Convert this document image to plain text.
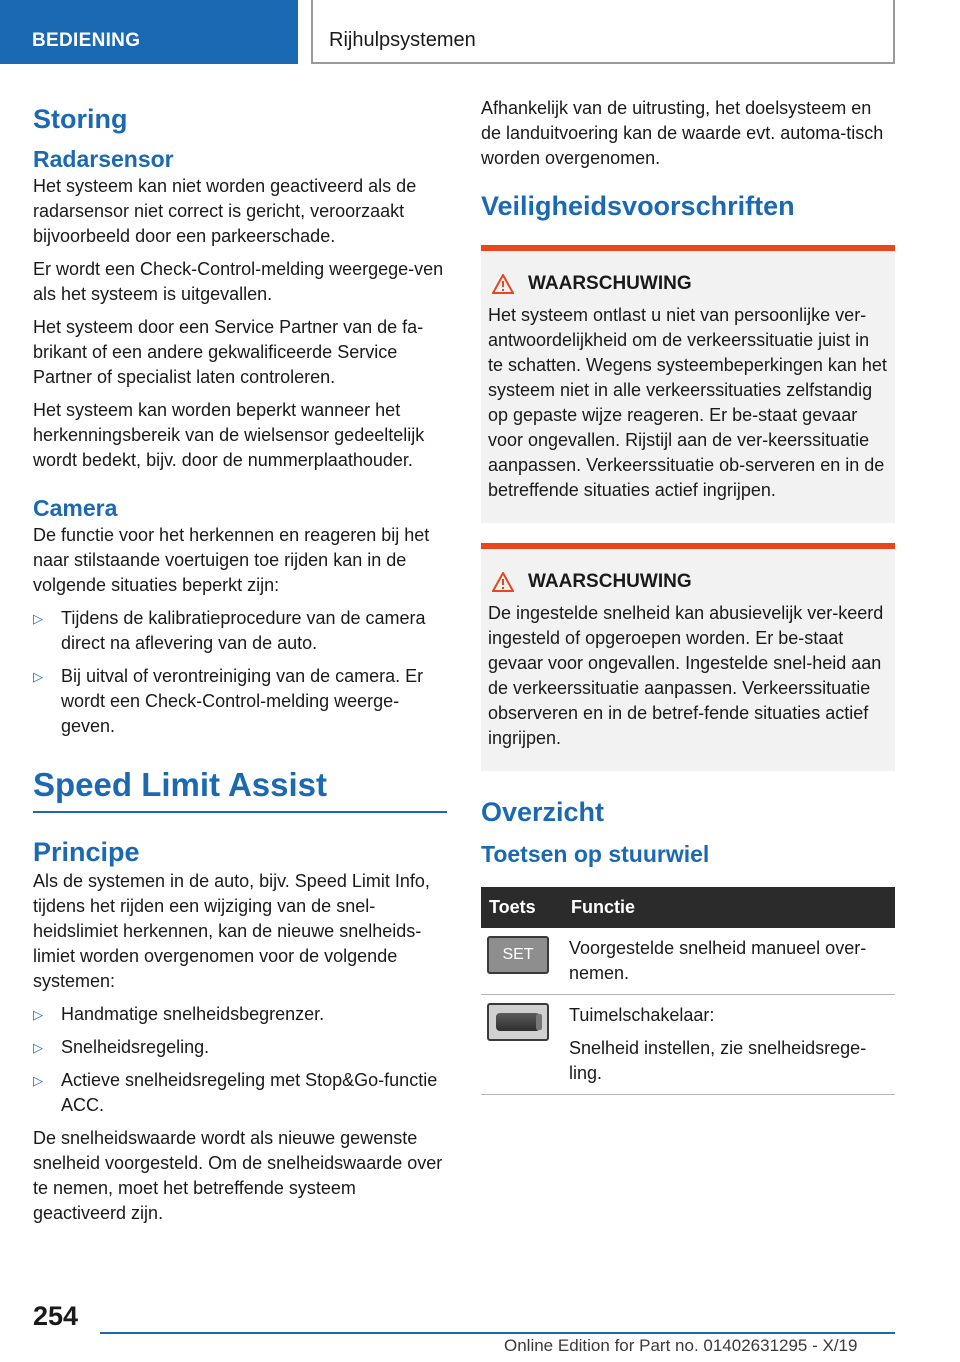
BEDIENING	Rijhulpsystemen
Storing
Radarsensor

Het systeem kan niet worden geactiveerd als de radarsensor niet correct is gericht, veroorzaakt bijvoorbeeld door een parkeerschade.

Er wordt een Check-Control-melding weergege-ven als het systeem is uitgevallen.

Het systeem door een Service Partner van de fa-brikant of een andere gekwalificeerde Service Partner of specialist laten controleren.

Het systeem kan worden beperkt wanneer het herkenningsbereik van de wielsensor gedeeltelijk wordt bedekt, bijv. door de nummerplaathouder.

Camera

De functie voor het herkennen en reageren bij het naar stilstaande voertuigen toe rijden kan in de volgende situaties beperkt zijn:

▷ Tijdens de kalibratieprocedure van de camera direct na aflevering van de auto.
▷ Bij uitval of verontreiniging van de camera. Er wordt een Check-Control-melding weerge-geven.
Speed Limit Assist
Principe

Als de systemen in de auto, bijv. Speed Limit Info, tijdens het rijden een wijziging van de snel-heidslimiet herkennen, kan de nieuwe snelheids-limiet worden overgenomen voor de volgende systemen:

▷ Handmatige snelheidsbegrenzer.
▷ Snelheidsregeling.
▷ Actieve snelheidsregeling met Stop&Go-functie ACC.

De snelheidswaarde wordt als nieuwe gewenste snelheid voorgesteld. Om de snelheidswaarde over te nemen, moet het betreffende systeem geactiveerd zijn.

Afhankelijk van de uitrusting, het doelsysteem en de landuitvoering kan de waarde evt. automa-tisch worden overgenomen.

Veiligheidsvoorschriften
WAARSCHUWING

Het systeem ontlast u niet van persoonlijke ver-antwoordelijkheid om de verkeerssituatie juist in te schatten. Wegens systeembeperkingen kan het systeem niet in alle verkeerssituaties zelfstandig op gepaste wijze reageren. Er be-staat gevaar voor ongevallen. Rijstijl aan de ver-keerssituatie aanpassen. Verkeerssituatie ob-serveren en in de betreffende situaties actief ingrijpen.

WAARSCHUWING

De ingestelde snelheid kan abusievelijk ver-keerd ingesteld of opgeroepen worden. Er be-staat gevaar voor ongevallen. Ingestelde snel-heid aan de verkeerssituatie aanpassen. Verkeerssituatie observeren en in de betref-fende situaties actief ingrijpen.

Overzicht
Toetsen op stuurwiel
Toets	Functie

SET	Voorgestelde snelheid manueel over-nemen.

	Tuimelschakelaar:
Snelheid instellen, zie snelheidsrege-ling.
254
Online Edition for Part no. 01402631295 - X/19
